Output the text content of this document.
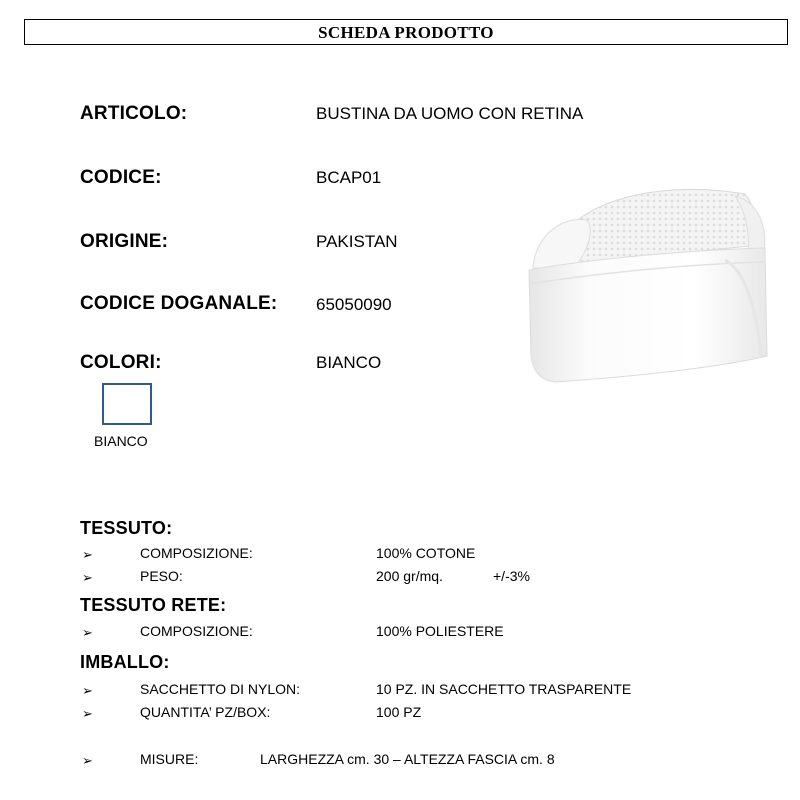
SCHEDA PRODOTTO
ARTICOLO:	BUSTINA DA UOMO CON RETINA
CODICE:	BCAP01
ORIGINE:	PAKISTAN
CODICE DOGANALE: 65050090
COLORI:	BIANCO
BIANCO
TESSUTO:
➢	COMPOSIZIONE:	100% COTONE
➢	PESO:	200 gr/mq.	+/-3%
TESSUTO RETE:
➢	COMPOSIZIONE:	100% POLIESTERE
IMBALLO:
➢	SACCHETTO DI NYLON:	10 PZ. IN SACCHETTO TRASPARENTE
➢	QUANTITA’ PZ/BOX:	100 PZ
➢	MISURE:	LARGHEZZA cm. 30 – ALTEZZA FASCIA cm. 8
